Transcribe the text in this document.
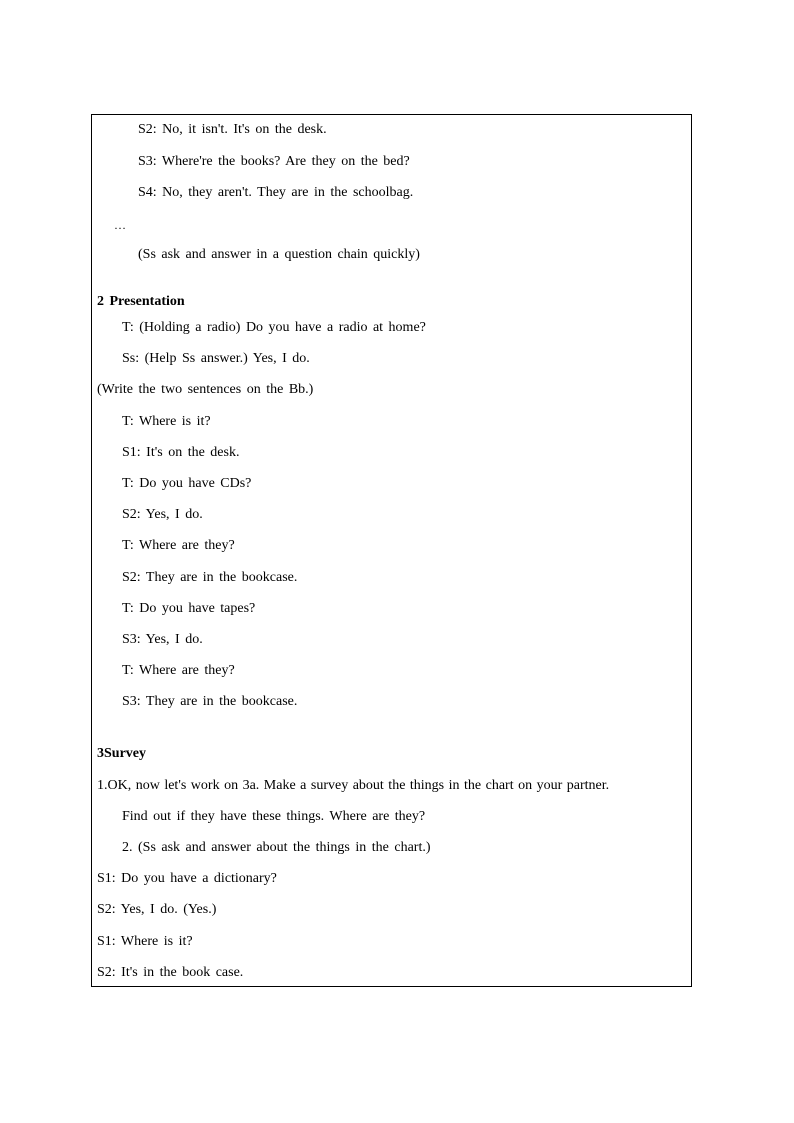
S2: No, it isn't. It's on the desk.
S3: Where're the books? Are they on the bed?
S4: No, they aren't. They are in the schoolbag.
…
(Ss ask and answer in a question chain quickly)
2 Presentation
T: (Holding a radio) Do you have a radio at home?
Ss: (Help Ss answer.) Yes, I do.
(Write the two sentences on the Bb.)
T: Where is it?
S1: It's on the desk.
T: Do you have CDs?
S2: Yes, I do.
T: Where are they?
S2: They are in the bookcase.
T: Do you have tapes?
S3: Yes, I do.
T: Where are they?
S3: They are in the bookcase.
3Survey
1.OK, now let's work on 3a. Make a survey about the things in the chart on your partner.
Find out if they have these things. Where are they?
2. (Ss ask and answer about the things in the chart.)
S1: Do you have a dictionary?
S2: Yes, I do. (Yes.)
S1: Where is it?
S2: It's in the book case.
